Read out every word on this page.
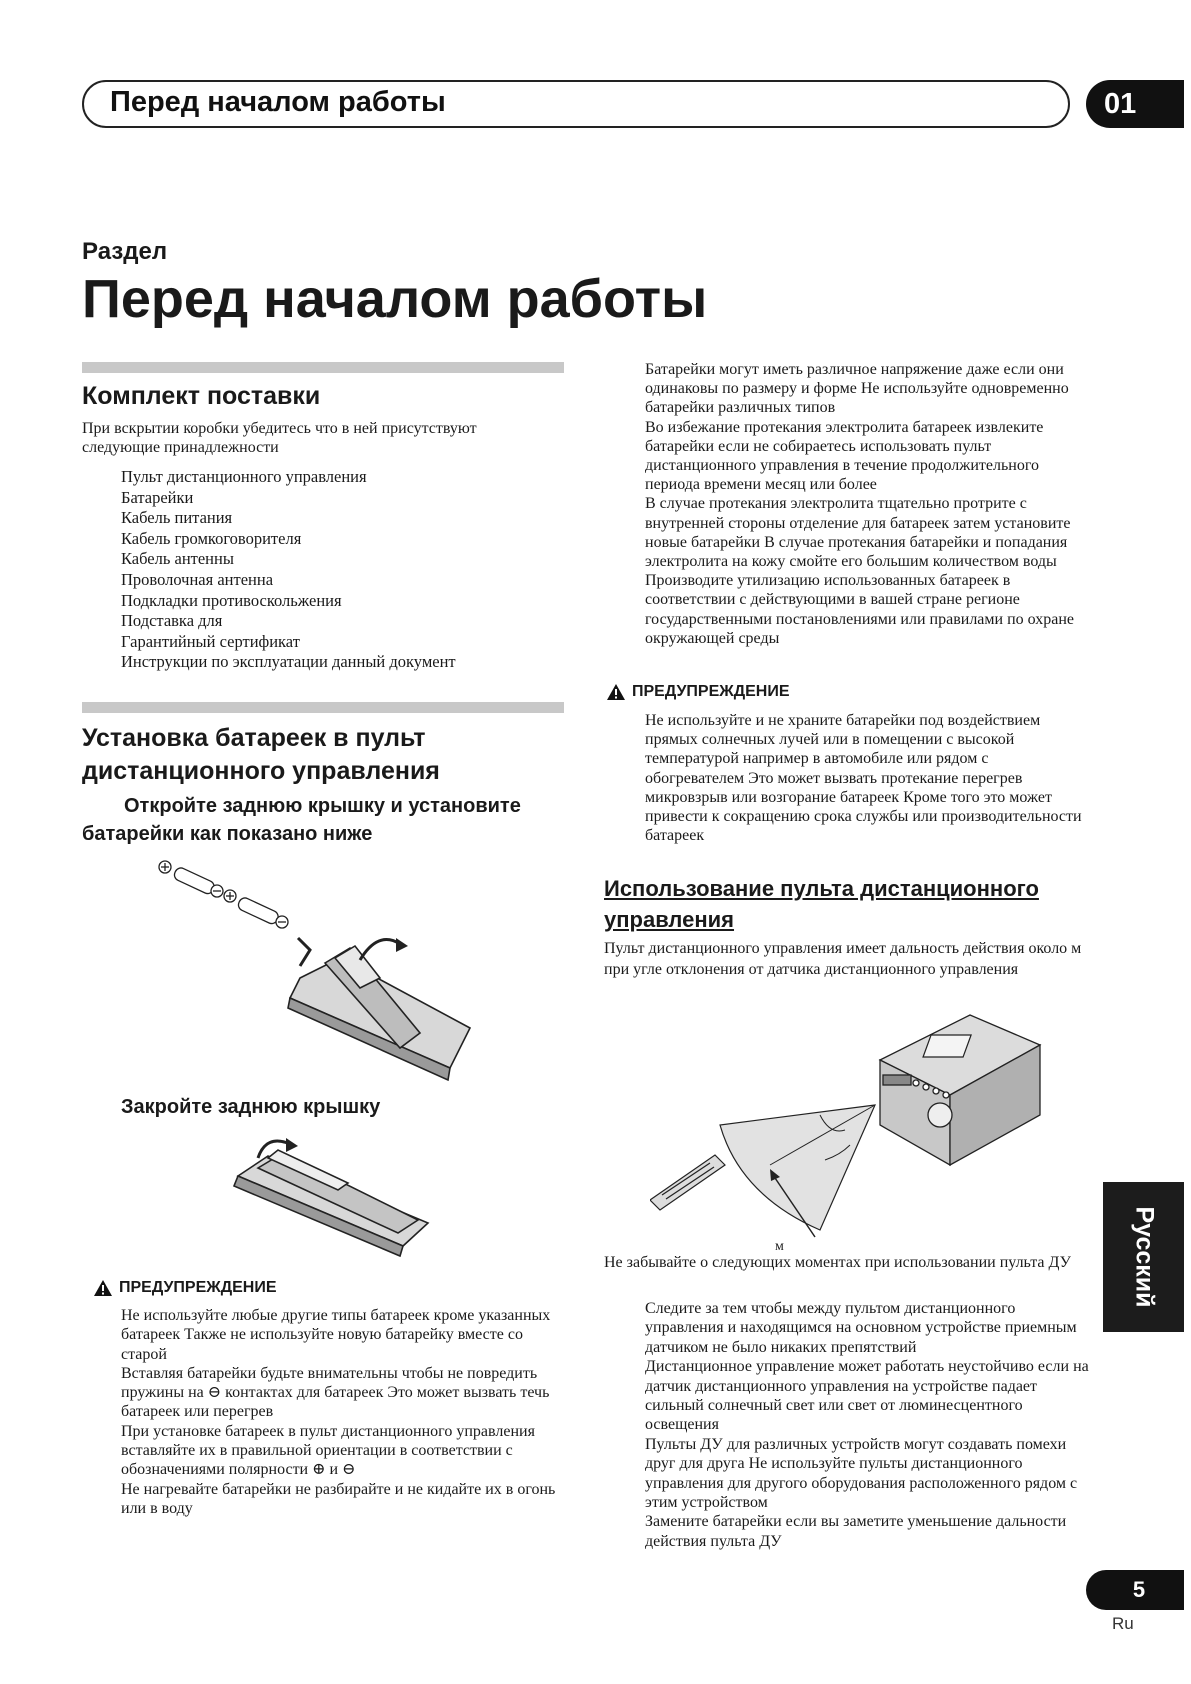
Перед началом работы	01
Раздел
Перед началом работы
Комплект поставки
При вскрытии коробки убедитесь что в ней присутствуют следующие принадлежности
Пульт дистанционного управления
Батарейки
Кабель питания
Кабель громкоговорителя
Кабель антенны
Проволочная антенна
Подкладки противоскольжения
Подставка для
Гарантийный сертификат
Инструкции по эксплуатации данный документ
Установка батареек в пульт
дистанционного управления
Откройте заднюю крышку и установите
батарейки как показано ниже
Закройте заднюю крышку
ПРЕДУПРЕЖДЕНИЕ
Не используйте любые другие типы батареек кроме указанных батареек Также не используйте новую батарейку вместе со старой
Вставляя батарейки будьте внимательны чтобы не повредить пружины на ⊖ контактах для батареек Это может вызвать течь батареек или перегрев
При установке батареек в пульт дистанционного управления вставляйте их в правильной ориентации в соответствии с обозначениями полярности ⊕ и ⊖
Не нагревайте батарейки не разбирайте и не кидайте их в огонь или в воду
Батарейки могут иметь различное напряжение даже если они одинаковы по размеру и форме Не используйте одновременно батарейки различных типов
Во избежание протекания электролита батареек извлеките батарейки если не собираетесь использовать пульт дистанционного управления в течение продолжительного периода времени месяц или более
В случае протекания электролита тщательно протрите с внутренней стороны отделение для батареек затем установите новые батарейки В случае протекания батарейки и попадания электролита на кожу смойте его большим количеством воды
Производите утилизацию использованных батареек в соответствии с действующими в вашей стране регионе государственными постановлениями или правилами по охране окружающей среды
ПРЕДУПРЕЖДЕНИЕ
Не используйте и не храните батарейки под воздействием прямых солнечных лучей или в помещении с высокой температурой например в автомобиле или рядом с обогревателем Это может вызвать протекание перегрев микровзрыв или возгорание батареек Кроме того это может привести к сокращению срока службы или производительности батареек
Использование пульта дистанционного
управления
Пульт дистанционного управления имеет дальность действия около м при угле отклонения от датчика дистанционного управления
м
Не забывайте о следующих моментах при использовании пульта ДУ
Следите за тем чтобы между пультом дистанционного управления и находящимся на основном устройстве приемным датчиком не было никаких препятствий
Дистанционное управление может работать неустойчиво если на датчик дистанционного управления на устройстве падает сильный солнечный свет или свет от люминесцентного освещения
Пульты ДУ для различных устройств могут создавать помехи друг для друга Не используйте пульты дистанционного управления для другого оборудования расположенного рядом с этим устройством
Замените батарейки если вы заметите уменьшение дальности действия пульта ДУ
Русский
5
Ru
